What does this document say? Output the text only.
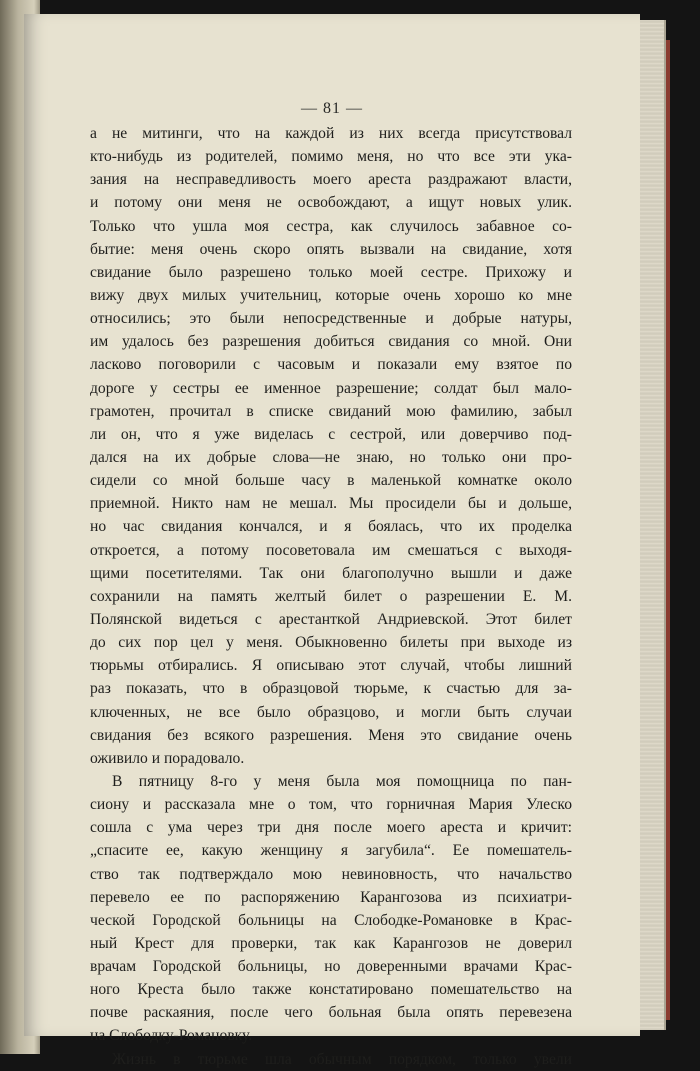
— 81 —
а не митинги, что на каждой из них всегда присутствовал
кто-нибудь из родителей, помимо меня, но что все эти ука-
зания на несправедливость моего ареста раздражают власти,
и потому они меня не освобождают, а ищут новых улик.
Только что ушла моя сестра, как случилось забавное со-
бытие: меня очень скоро опять вызвали на свидание, хотя
свидание было разрешено только моей сестре. Прихожу и
вижу двух милых учительниц, которые очень хорошо ко мне
относились; это были непосредственные и добрые натуры,
им удалось без разрешения добиться свидания со мной. Они
ласково поговорили с часовым и показали ему взятое по
дороге у сестры ее именное разрешение; солдат был мало-
грамотен, прочитал в списке свиданий мою фамилию, забыл
ли он, что я уже виделась с сестрой, или доверчиво под-
дался на их добрые слова—не знаю, но только они про-
сидели со мной больше часу в маленькой комнатке около
приемной. Никто нам не мешал. Мы просидели бы и дольше,
но час свидания кончался, и я боялась, что их проделка
откроется, а потому посоветовала им смешаться с выходя-
щими посетителями. Так они благополучно вышли и даже
сохранили на память желтый билет о разрешении Е. М.
Полянской видеться с арестанткой Андриевской. Этот билет
до сих пор цел у меня. Обыкновенно билеты при выходе из
тюрьмы отбирались. Я описываю этот случай, чтобы лишний
раз показать, что в образцовой тюрьме, к счастью для за-
ключенных, не все было образцово, и могли быть случаи
свидания без всякого разрешения. Меня это свидание очень
оживило и порадовало.
В пятницу 8-го у меня была моя помощница по пан-
сиону и рассказала мне о том, что горничная Мария Улеско
сошла с ума через три дня после моего ареста и кричит:
„спасите ее, какую женщину я загубила“. Ее помешатель-
ство так подтверждало мою невиновность, что начальство
перевело ее по распоряжению Карангозова из психиатри-
ческой Городской больницы на Слободке-Романовке в Крас-
ный Крест для проверки, так как Карангозов не доверил
врачам Городской больницы, но доверенными врачами Крас-
ного Креста было также констатировано помешательство на
почве раскаяния, после чего больная была опять перевезена
на Слободку-Романовку.
Жизнь в тюрьме шла обычным порядком, только увели
